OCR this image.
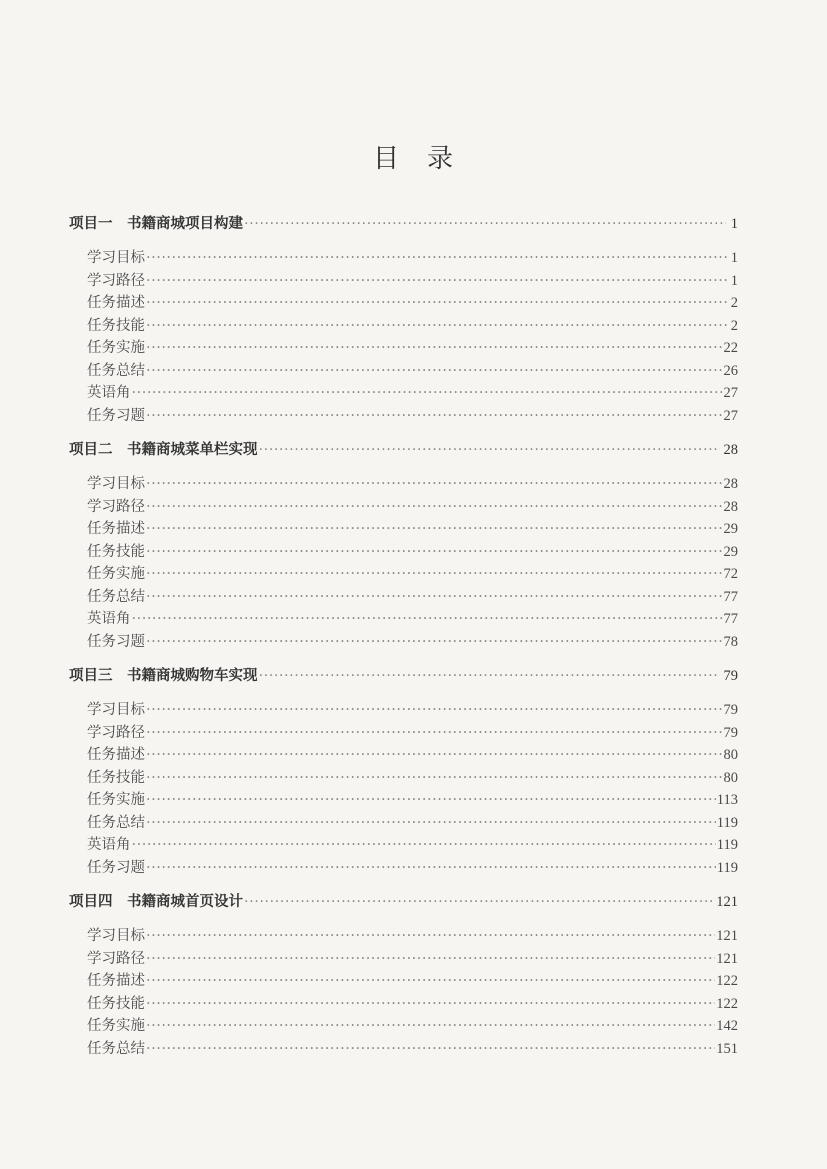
目　录
项目一　书籍商城项目构建 ·····	1
学习目标 ·····	1
学习路径 ·····	1
任务描述 ·····	2
任务技能 ·····	2
任务实施 ·····	22
任务总结 ·····	26
英语角 ·····	27
任务习题 ·····	27
项目二　书籍商城菜单栏实现 ·····	28
学习目标 ·····	28
学习路径 ·····	28
任务描述 ·····	29
任务技能 ·····	29
任务实施 ·····	72
任务总结 ·····	77
英语角 ·····	77
任务习题 ·····	78
项目三　书籍商城购物车实现 ·····	79
学习目标 ·····	79
学习路径 ·····	79
任务描述 ·····	80
任务技能 ·····	80
任务实施 ·····	113
任务总结 ·····	119
英语角 ·····	119
任务习题 ·····	119
项目四　书籍商城首页设计 ·····	121
学习目标 ·····	121
学习路径 ·····	121
任务描述 ·····	122
任务技能 ·····	122
任务实施 ·····	142
任务总结 ·····	151
